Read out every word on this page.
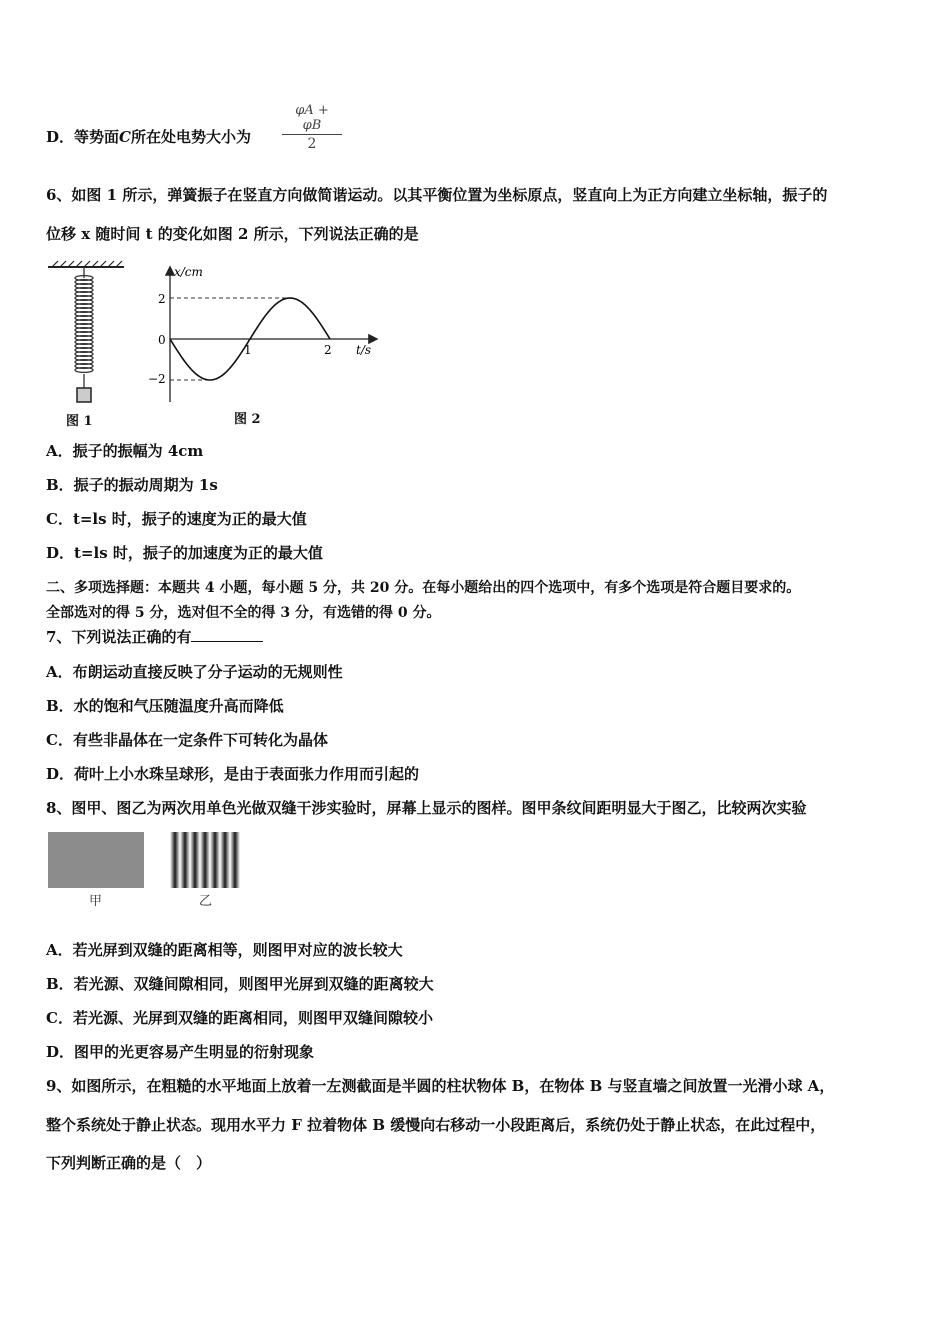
D．等势面C所在处电势大小为 $\frac{\varphi A + \varphi B}{2}$
6、如图 1 所示，弹簧振子在竖直方向做简谐运动。以其平衡位置为坐标原点，竖直向上为正方向建立坐标轴，振子的
位移 x 随时间 t 的变化如图 2 所示，下列说法正确的是
图 1
x/cm
t/s
2
0
−2
1	2
图 2
A．振子的振幅为 4cm
B．振子的振动周期为 1s
C．t=ls 时，振子的速度为正的最大值
D．t=ls 时，振子的加速度为正的最大值
二、多项选择题：本题共 4 小题，每小题 5 分，共 20 分。在每小题给出的四个选项中，有多个选项是符合题目要求的。
全部选对的得 5 分，选对但不全的得 3 分，有选错的得 0 分。
7、下列说法正确的有
A．布朗运动直接反映了分子运动的无规则性
B．水的饱和气压随温度升高而降低
C．有些非晶体在一定条件下可转化为晶体
D．荷叶上小水珠呈球形，是由于表面张力作用而引起的
8、图甲、图乙为两次用单色光做双缝干涉实验时，屏幕上显示的图样。图甲条纹间距明显大于图乙，比较两次实验
甲	乙
A．若光屏到双缝的距离相等，则图甲对应的波长较大
B．若光源、双缝间隙相同，则图甲光屏到双缝的距离较大
C．若光源、光屏到双缝的距离相同，则图甲双缝间隙较小
D．图甲的光更容易产生明显的衍射现象
9、如图所示，在粗糙的水平地面上放着一左测截面是半圆的柱状物体 B，在物体 B 与竖直墙之间放置一光滑小球 A，
整个系统处于静止状态。现用水平力 F 拉着物体 B 缓慢向右移动一小段距离后，系统仍处于静止状态，在此过程中，
下列判断正确的是（　）
